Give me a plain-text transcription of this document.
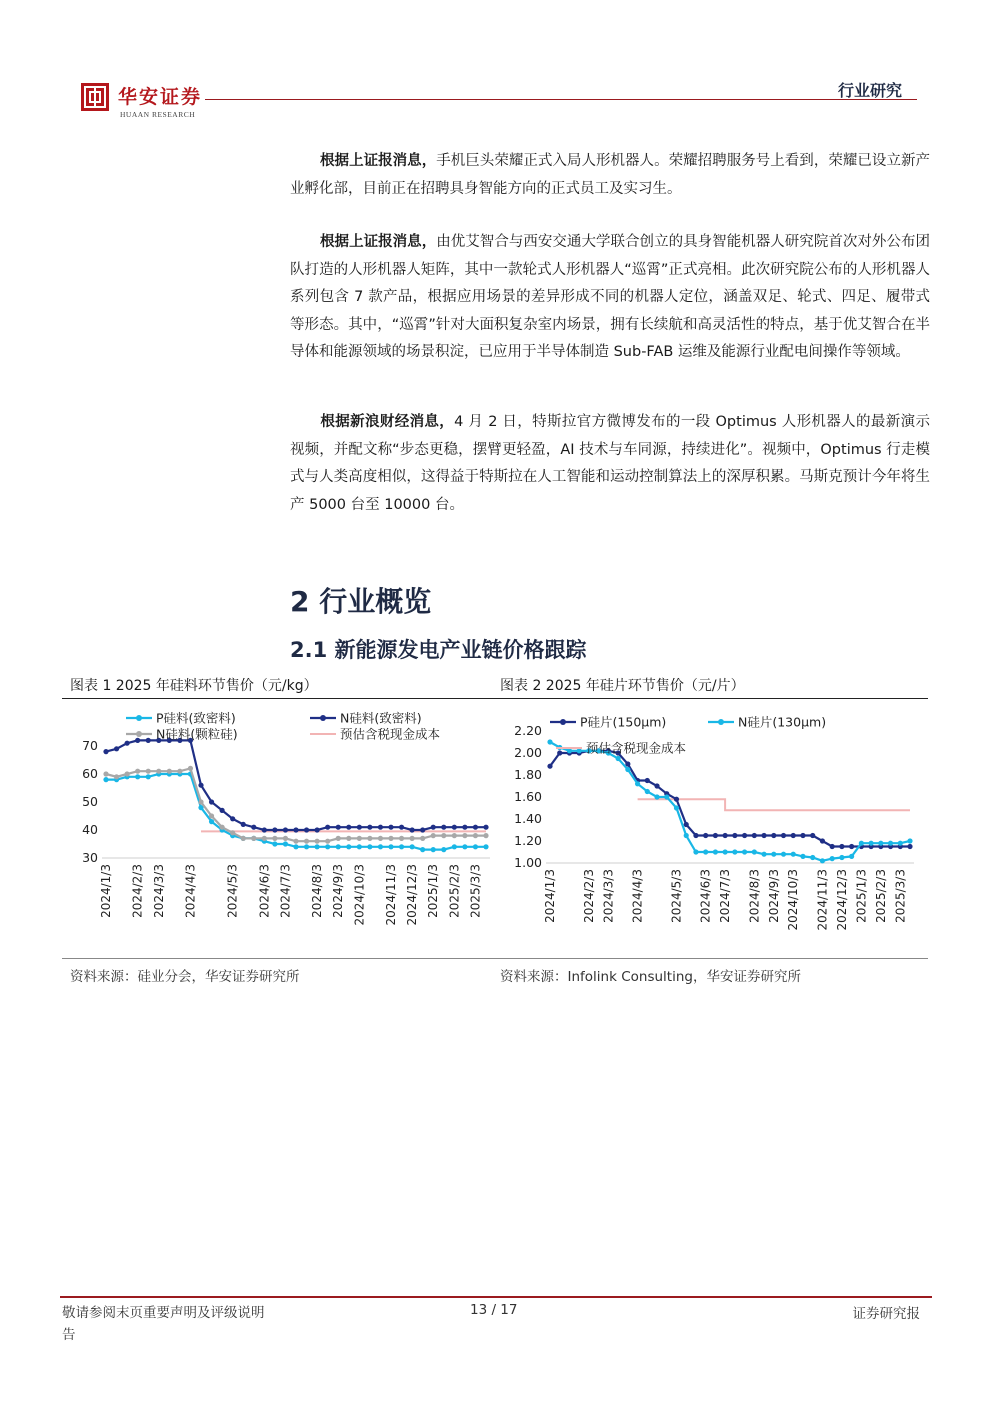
华安证券
HUAAN RESEARCH
行业研究

根据上证报消息，手机巨头荣耀正式入局人形机器人。荣耀招聘服务号上看到，荣耀已设立新产业孵化部，目前正在招聘具身智能方向的正式员工及实习生。

根据上证报消息，由优艾智合与西安交通大学联合创立的具身智能机器人研究院首次对外公布团队打造的人形机器人矩阵，其中一款轮式人形机器人“巡霄”正式亮相。此次研究院公布的人形机器人系列包含 7 款产品，根据应用场景的差异形成不同的机器人定位，涵盖双足、轮式、四足、履带式等形态。其中，“巡霄”针对大面积复杂室内场景，拥有长续航和高灵活性的特点，基于优艾智合在半导体和能源领域的场景积淀，已应用于半导体制造 Sub-FAB 运维及能源行业配电间操作等领域。

根据新浪财经消息，4 月 2 日，特斯拉官方微博发布的一段 Optimus 人形机器人的最新演示视频，并配文称“步态更稳，摆臂更轻盈，AI 技术与车同源，持续进化”。视频中，Optimus 行走模式与人类高度相似，这得益于特斯拉在人工智能和运动控制算法上的深厚积累。马斯克预计今年将生产 5000 台至 10000 台。

2 行业概览
2.1 新能源发电产业链价格跟踪
图表 1 2025 年硅料环节售价（元/kg）
30
40
50
60
70
2024/1/3 2024/2/3 2024/3/3 2024/4/3 2024/5/3 2024/6/3 2024/7/3 2024/8/3 2024/9/3 2024/10/3 2024/11/3 2024/12/3 2025/1/3 2025/2/3 2025/3/3
P硅料(致密料)	N硅料(致密料)
N硅料(颗粒硅)	预估含税现金成本
资料来源：硅业分会，华安证券研究所
图表 2 2025 年硅片环节售价（元/片）
1.00
1.20
1.40
1.60
1.80
2.00
2.20
2024/1/3 2024/2/3 2024/3/3 2024/4/3 2024/5/3 2024/6/3 2024/7/3 2024/8/3 2024/9/3 2024/10/3 2024/11/3 2024/12/3 2025/1/3 2025/2/3 2025/3/3
P硅片(150μm)	N硅片(130μm)
预估含税现金成本
资料来源：Infolink Consulting，华安证券研究所
敬请参阅末页重要声明及评级说明
告
13 / 17	证券研究报
